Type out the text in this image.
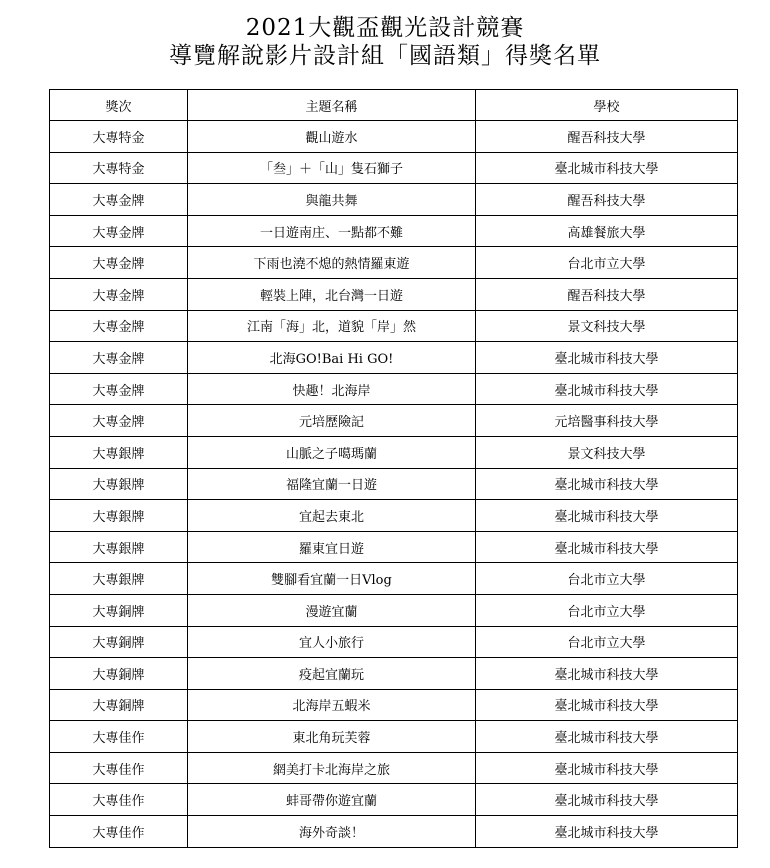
2021大觀盃觀光設計競賽
導覽解說影片設計組「國語類」得獎名單
獎次	主題名稱	學校
大專特金	觀山遊水	醒吾科技大學
大專特金	「叁」＋「山」隻石獅子	臺北城市科技大學
大專金牌	與龍共舞	醒吾科技大學
大專金牌	一日遊南庄、一點都不難	高雄餐旅大學
大專金牌	下雨也澆不熄的熱情羅東遊	台北市立大學
大專金牌	輕裝上陣，北台灣一日遊	醒吾科技大學
大專金牌	江南「海」北，道貌「岸」然	景文科技大學
大專金牌	北海GO!Bai Hi GO!	臺北城市科技大學
大專金牌	快趣！北海岸	臺北城市科技大學
大專金牌	元培歷險記	元培醫事科技大學
大專銀牌	山脈之子噶瑪蘭	景文科技大學
大專銀牌	福隆宜蘭一日遊	臺北城市科技大學
大專銀牌	宜起去東北	臺北城市科技大學
大專銀牌	羅東宜日遊	臺北城市科技大學
大專銀牌	雙腳看宜蘭一日Vlog	台北市立大學
大專銅牌	漫遊宜蘭	台北市立大學
大專銅牌	宜人小旅行	台北市立大學
大專銅牌	疫起宜蘭玩	臺北城市科技大學
大專銅牌	北海岸五蝦米	臺北城市科技大學
大專佳作	東北角玩芙蓉	臺北城市科技大學
大專佳作	網美打卡北海岸之旅	臺北城市科技大學
大專佳作	蚌哥帶你遊宜蘭	臺北城市科技大學
大專佳作	海外奇談！	臺北城市科技大學
